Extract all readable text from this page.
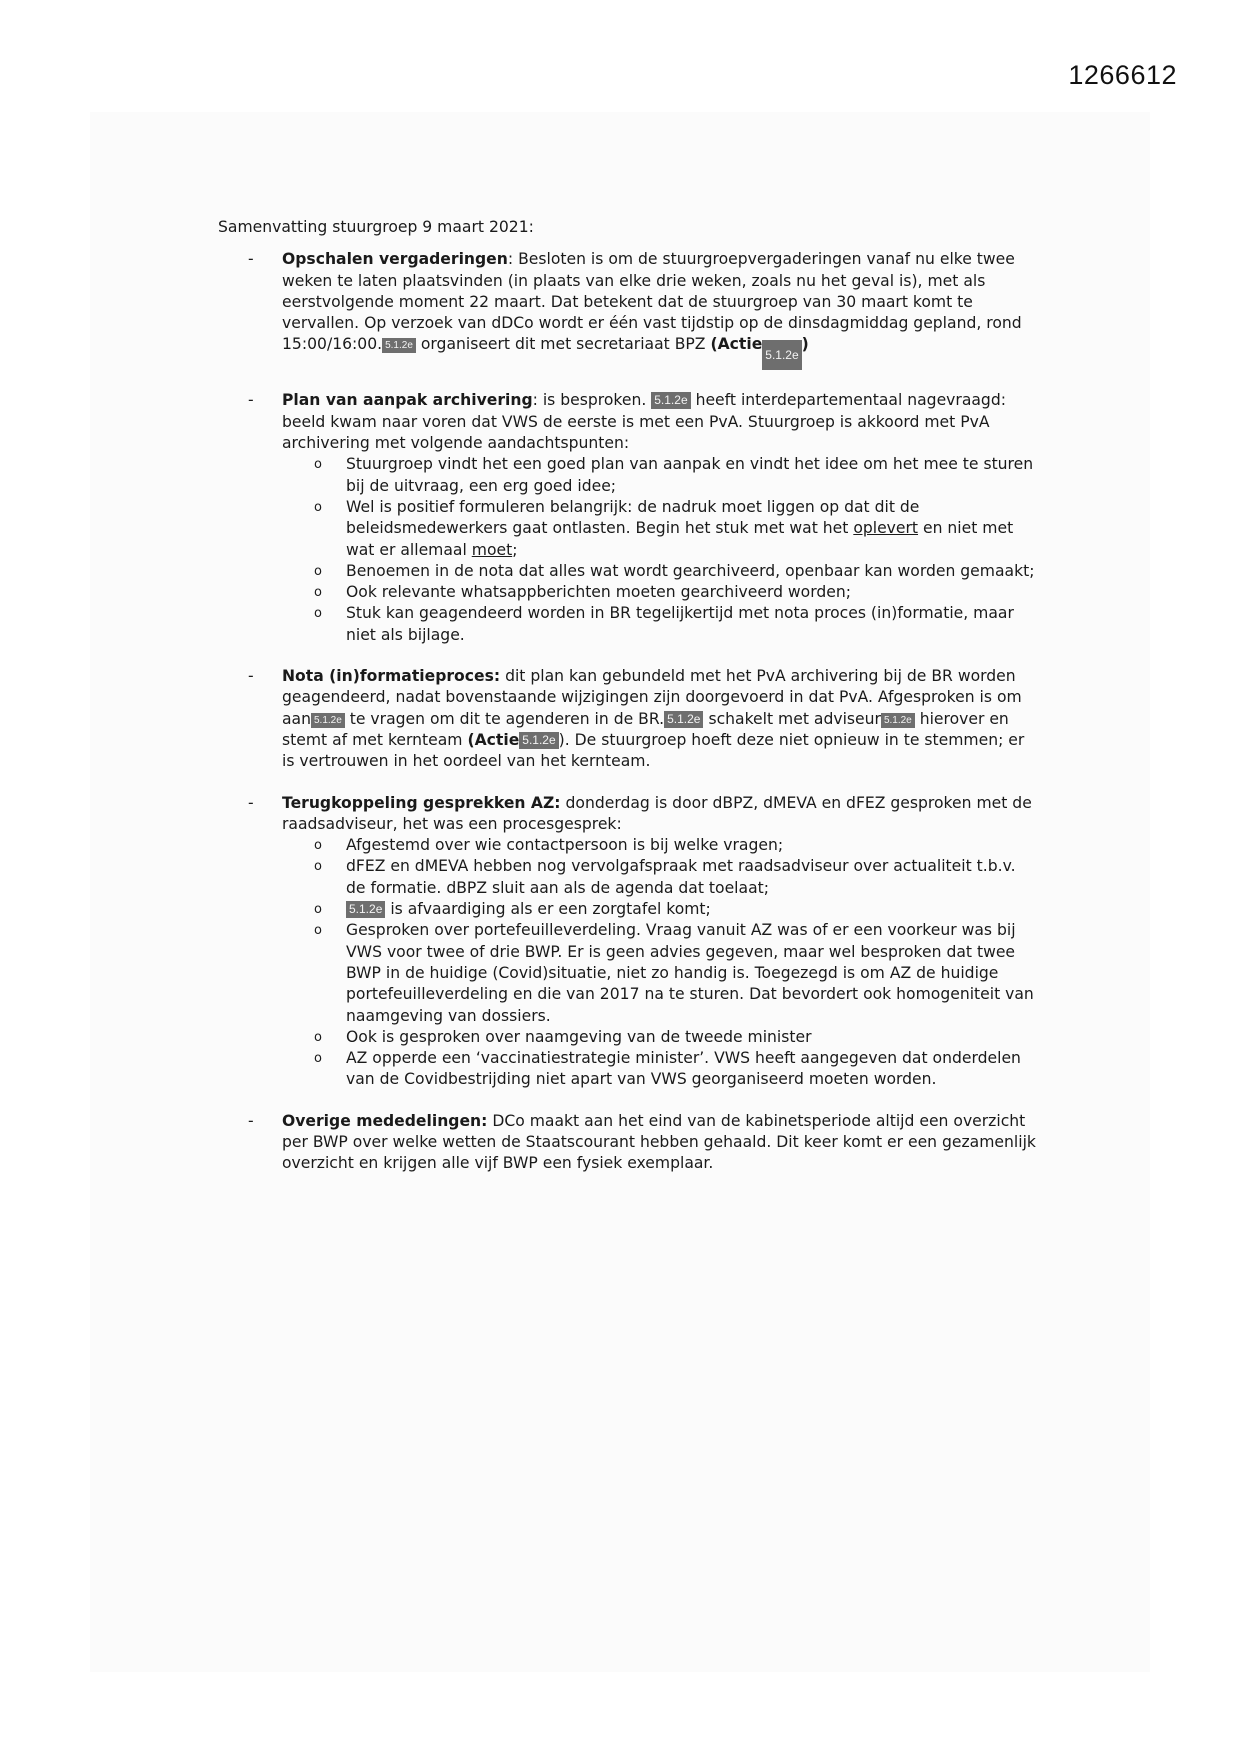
1266612

Samenvatting stuurgroep 9 maart 2021:

- Opschalen vergaderingen: Besloten is om de stuurgroepvergaderingen vanaf nu elke twee weken te laten plaatsvinden (in plaats van elke drie weken, zoals nu het geval is), met als eerstvolgende moment 22 maart. Dat betekent dat de stuurgroep van 30 maart komt te vervallen. Op verzoek van dDCo wordt er één vast tijdstip op de dinsdagmiddag gepland, rond 15:00/16:00. 5.1.2e organiseert dit met secretariaat BPZ (Actie5.1.2e)
- Plan van aanpak archivering: is besproken. 5.1.2e heeft interdepartementaal nagevraagd: beeld kwam naar voren dat VWS de eerste is met een PvA. Stuurgroep is akkoord met PvA archivering met volgende aandachtspunten:
o Stuurgroep vindt het een goed plan van aanpak en vindt het idee om het mee te sturen bij de uitvraag, een erg goed idee;
o Wel is positief formuleren belangrijk: de nadruk moet liggen op dat dit de beleidsmedewerkers gaat ontlasten. Begin het stuk met wat het oplevert en niet met wat er allemaal moet;
o Benoemen in de nota dat alles wat wordt gearchiveerd, openbaar kan worden gemaakt;
o Ook relevante whatsappberichten moeten gearchiveerd worden;
o Stuk kan geagendeerd worden in BR tegelijkertijd met nota proces (in)formatie, maar niet als bijlage.
- Nota (in)formatieproces: dit plan kan gebundeld met het PvA archivering bij de BR worden geagendeerd, nadat bovenstaande wijzigingen zijn doorgevoerd in dat PvA. Afgesproken is om aan 5.1.2e te vragen om dit te agenderen in de BR. 5.1.2e schakelt met adviseur 5.1.2e hierover en stemt af met kernteam (Actie 5.1.2e ). De stuurgroep hoeft deze niet opnieuw in te stemmen; er is vertrouwen in het oordeel van het kernteam.
- Terugkoppeling gesprekken AZ: donderdag is door dBPZ, dMEVA en dFEZ gesproken met de raadsadviseur, het was een procesgesprek:
o Afgestemd over wie contactpersoon is bij welke vragen;
o dFEZ en dMEVA hebben nog vervolgafspraak met raadsadviseur over actualiteit t.b.v. de formatie. dBPZ sluit aan als de agenda dat toelaat;
o 5.1.2e is afvaardiging als er een zorgtafel komt;
o Gesproken over portefeuilleverdeling. Vraag vanuit AZ was of er een voorkeur was bij VWS voor twee of drie BWP. Er is geen advies gegeven, maar wel besproken dat twee BWP in de huidige (Covid)situatie, niet zo handig is. Toegezegd is om AZ de huidige portefeuilleverdeling en die van 2017 na te sturen. Dat bevordert ook homogeniteit van naamgeving van dossiers.
o Ook is gesproken over naamgeving van de tweede minister
o AZ opperde een ‘vaccinatiestrategie minister’. VWS heeft aangegeven dat onderdelen van de Covidbestrijding niet apart van VWS georganiseerd moeten worden.
- Overige mededelingen: DCo maakt aan het eind van de kabinetsperiode altijd een overzicht per BWP over welke wetten de Staatscourant hebben gehaald. Dit keer komt er een gezamenlijk overzicht en krijgen alle vijf BWP een fysiek exemplaar.
